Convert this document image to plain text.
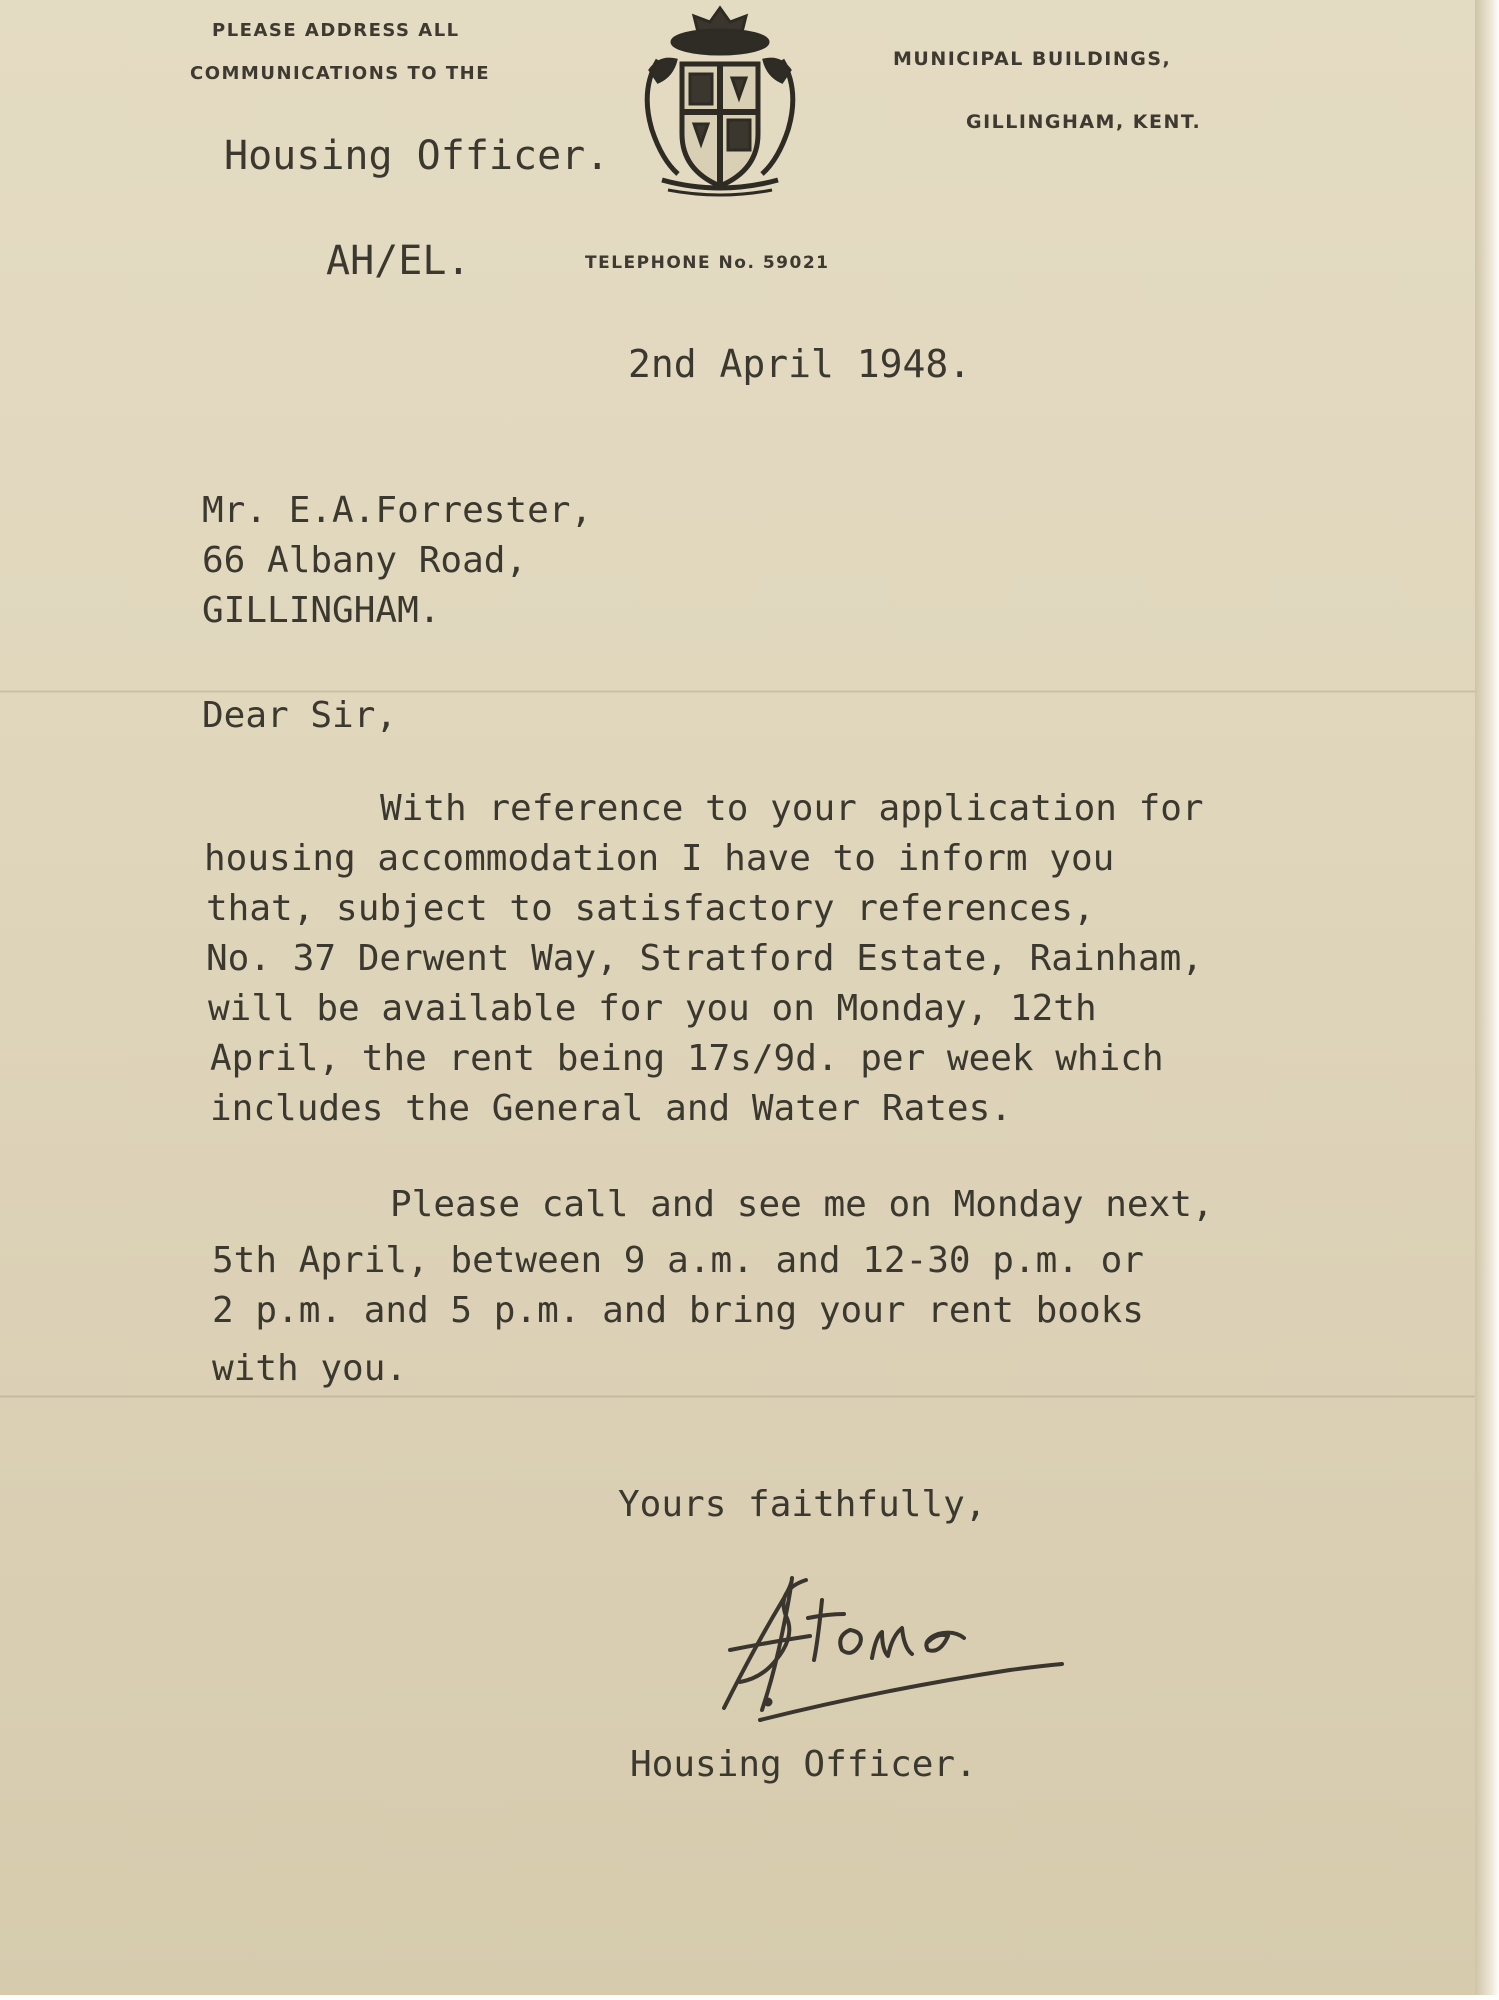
PLEASE ADDRESS ALL

COMMUNICATIONS TO THE

Housing Officer.

MUNICIPAL BUILDINGS,

GILLINGHAM, KENT.

AH/EL.	TELEPHONE No. 59021

2nd April 1948.

Mr. E.A.Forrester,

66 Albany Road,

GILLINGHAM.

Dear Sir,

With reference to your application for

housing accommodation I have to inform you

that, subject to satisfactory references,

No. 37 Derwent Way, Stratford Estate, Rainham,

will be available for you on Monday, 12th

April, the rent being 17s/9d. per week which

includes the General and Water Rates.

Please call and see me on Monday next,

5th April, between 9 a.m. and 12-30 p.m. or

2 p.m. and 5 p.m. and bring your rent books

with you.

Yours faithfully,

Housing Officer.
